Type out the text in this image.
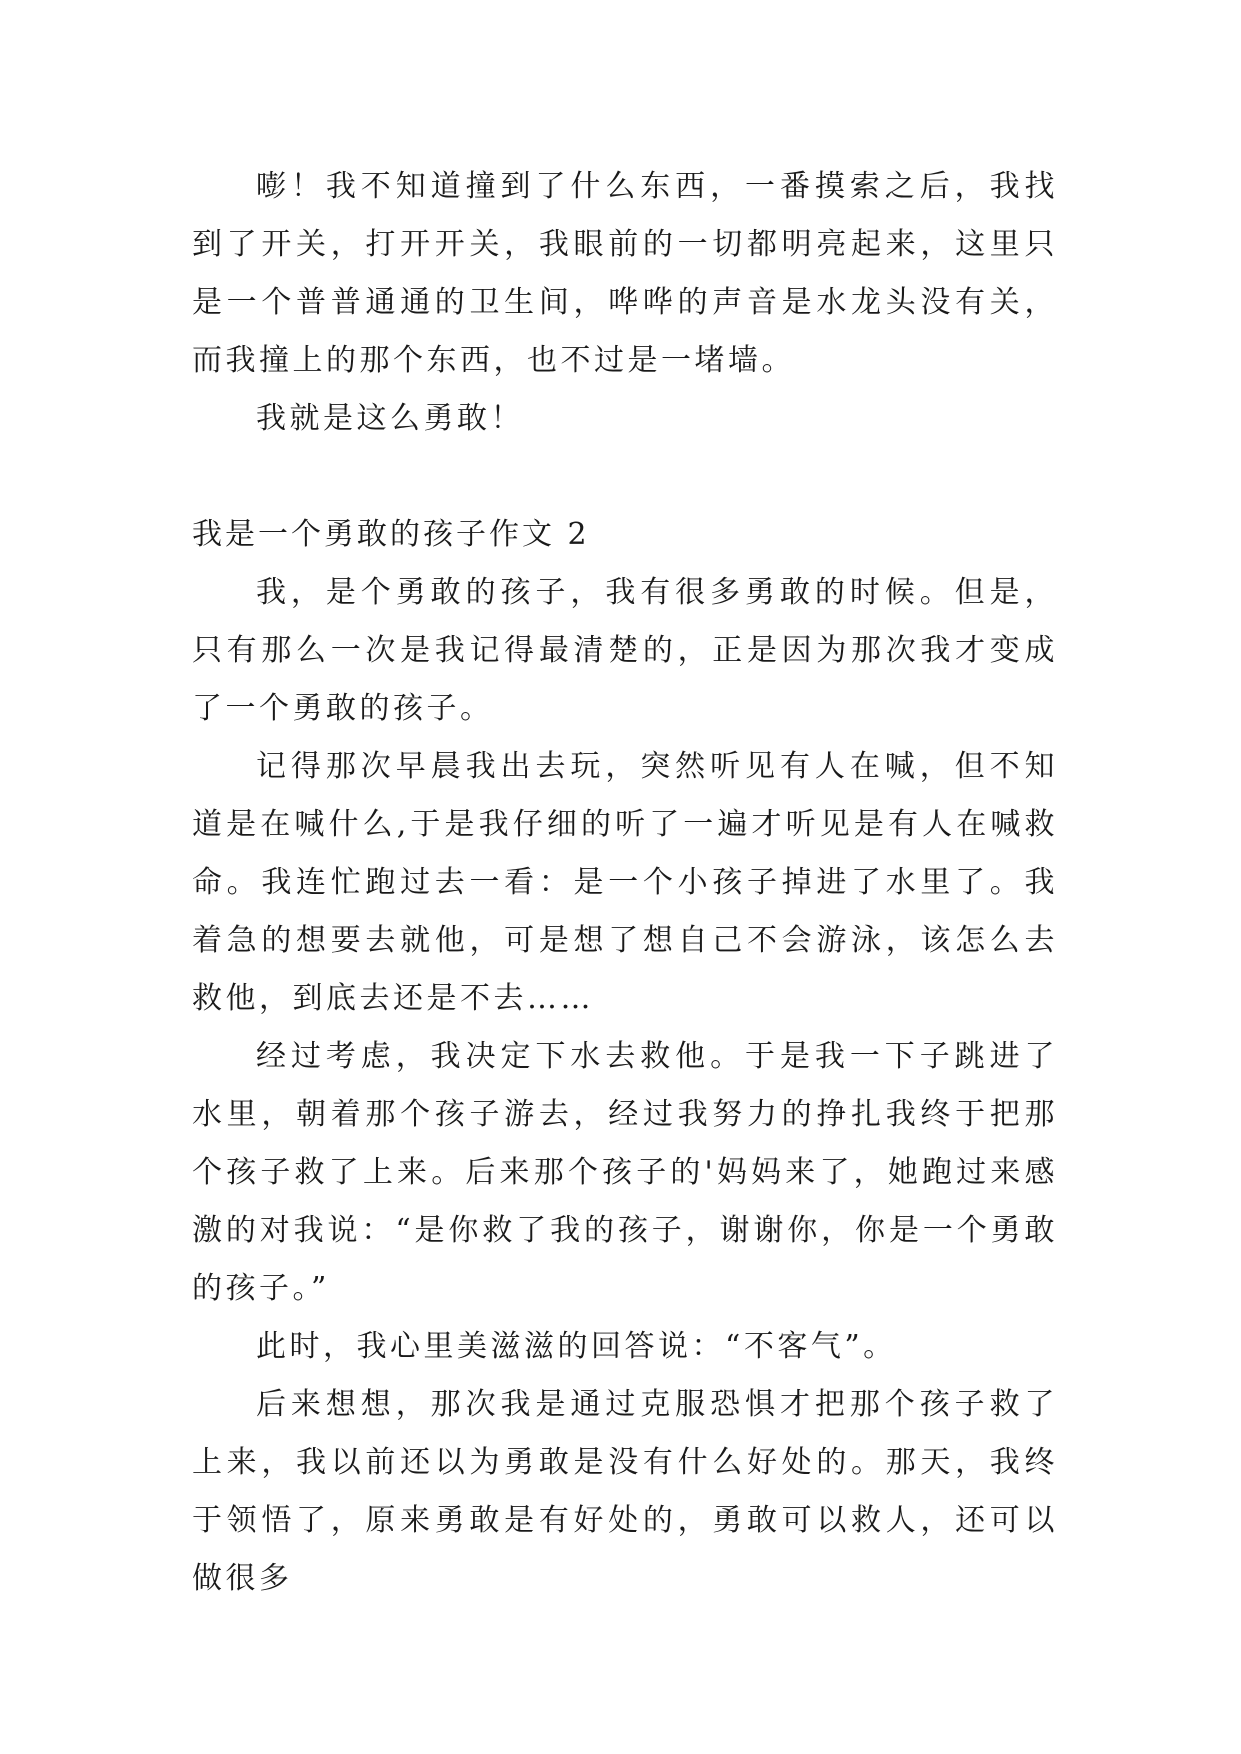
嘭！我不知道撞到了什么东西，一番摸索之后，我找到了开关，打开开关，我眼前的一切都明亮起来，这里只是一个普普通通的卫生间，哗哗的声音是水龙头没有关，而我撞上的那个东西，也不过是一堵墙。

我就是这么勇敢！

我是一个勇敢的孩子作文 2

我，是个勇敢的孩子，我有很多勇敢的时候。但是，只有那么一次是我记得最清楚的，正是因为那次我才变成了一个勇敢的孩子。

记得那次早晨我出去玩，突然听见有人在喊，但不知道是在喊什么,于是我仔细的听了一遍才听见是有人在喊救命。我连忙跑过去一看：是一个小孩子掉进了水里了。我着急的想要去就他，可是想了想自己不会游泳，该怎么去救他，到底去还是不去……

经过考虑，我决定下水去救他。于是我一下子跳进了水里，朝着那个孩子游去，经过我努力的挣扎我终于把那个孩子救了上来。后来那个孩子的'妈妈来了，她跑过来感激的对我说：“是你救了我的孩子，谢谢你，你是一个勇敢的孩子。”

此时，我心里美滋滋的回答说：“不客气”。

后来想想，那次我是通过克服恐惧才把那个孩子救了上来，我以前还以为勇敢是没有什么好处的。那天，我终于领悟了，原来勇敢是有好处的，勇敢可以救人，还可以做很多
